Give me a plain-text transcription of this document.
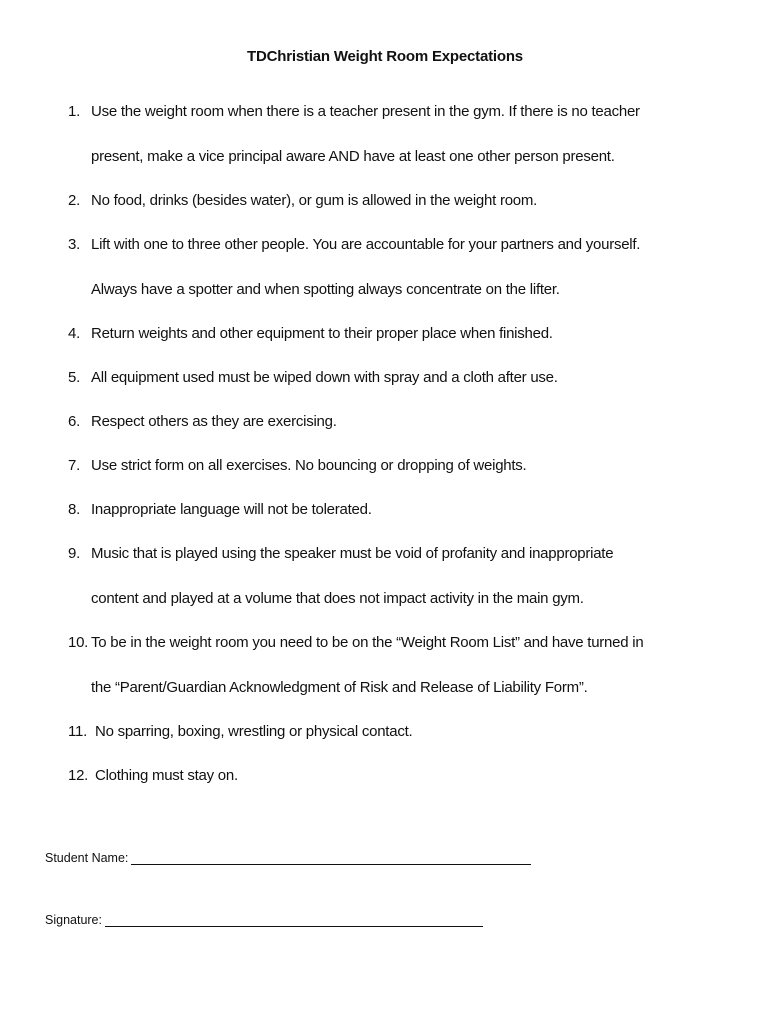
TDChristian Weight Room Expectations
1. Use the weight room when there is a teacher present in the gym. If there is no teacher
present, make a vice principal aware AND have at least one other person present.
2. No food, drinks (besides water), or gum is allowed in the weight room.
3. Lift with one to three other people. You are accountable for your partners and yourself.
Always have a spotter and when spotting always concentrate on the lifter.
4. Return weights and other equipment to their proper place when finished.
5. All equipment used must be wiped down with spray and a cloth after use.
6. Respect others as they are exercising.
7. Use strict form on all exercises. No bouncing or dropping of weights.
8. Inappropriate language will not be tolerated.
9. Music that is played using the speaker must be void of profanity and inappropriate
content and played at a volume that does not impact activity in the main gym.
10. To be in the weight room you need to be on the “Weight Room List” and have turned in
the “Parent/Guardian Acknowledgment of Risk and Release of Liability Form”.
11. No sparring, boxing, wrestling or physical contact.
12. Clothing must stay on.
Student Name:
Signature:
